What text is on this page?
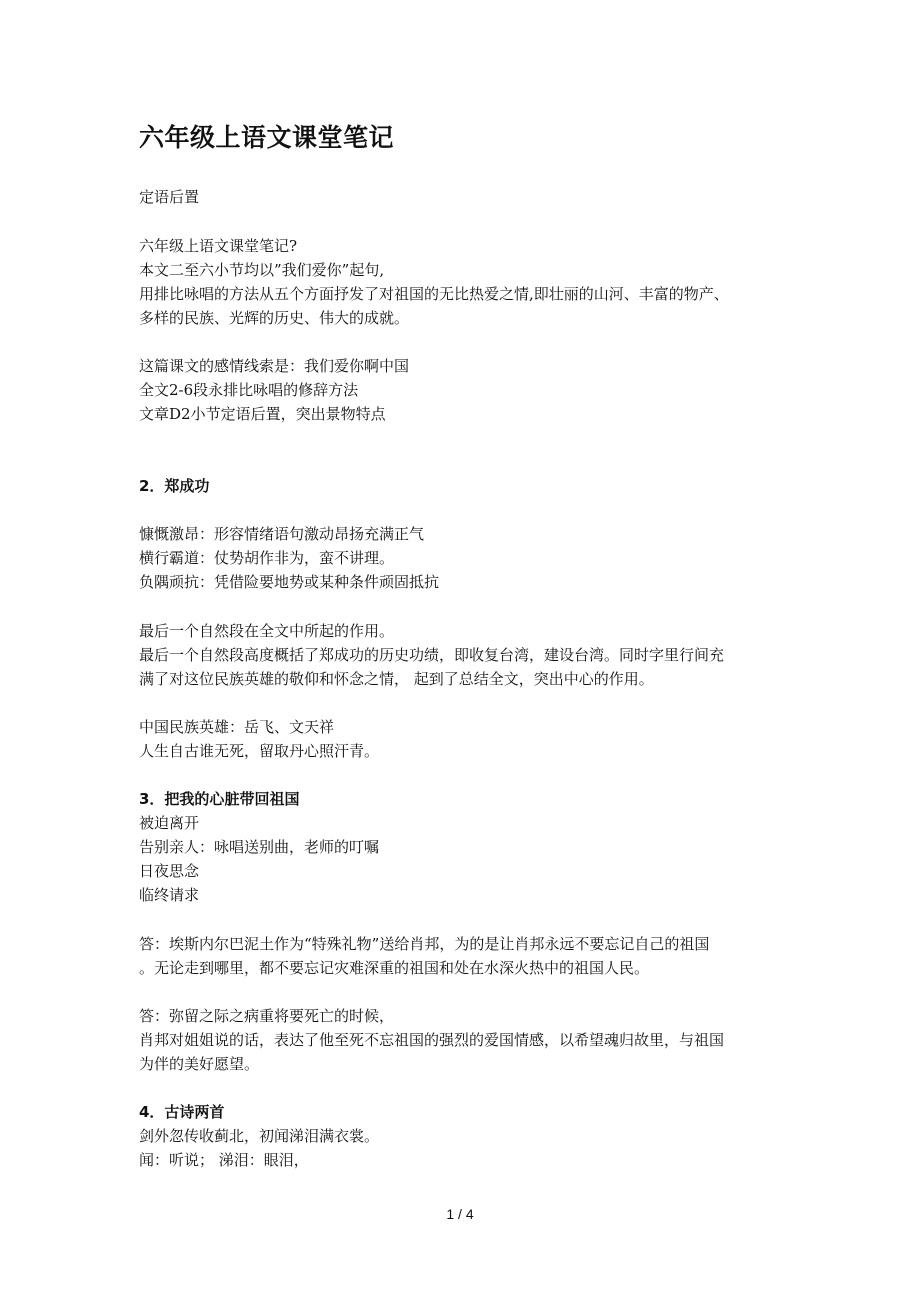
六年级上语文课堂笔记
定语后置
六年级上语文课堂笔记?
本文二至六小节均以”我们爱你”起句,
用排比咏唱的方法从五个方面抒发了对祖国的无比热爱之情,即壮丽的山河、丰富的物产、
多样的民族、光辉的历史、伟大的成就。
这篇课文的感情线索是：我们爱你啊中国
全文2-6段永排比咏唱的修辞方法
文章D2小节定语后置，突出景物特点
2．郑成功
慷慨激昂：形容情绪语句激动昂扬充满正气
横行霸道：仗势胡作非为，蛮不讲理。
负隅顽抗：凭借险要地势或某种条件顽固抵抗
最后一个自然段在全文中所起的作用。
最后一个自然段高度概括了郑成功的历史功绩，即收复台湾，建设台湾。同时字里行间充
满了对这位民族英雄的敬仰和怀念之情， 起到了总结全文，突出中心的作用。
中国民族英雄：岳飞、文天祥
人生自古谁无死，留取丹心照汗青。
3．把我的心脏带回祖国
被迫离开
告别亲人：咏唱送别曲，老师的叮嘱
日夜思念
临终请求
答：埃斯内尔巴泥土作为“特殊礼物”送给肖邦，为的是让肖邦永远不要忘记自己的祖国
。无论走到哪里，都不要忘记灾难深重的祖国和处在水深火热中的祖国人民。
答：弥留之际之病重将要死亡的时候，
肖邦对姐姐说的话，表达了他至死不忘祖国的强烈的爱国情感，以希望魂归故里，与祖国
为伴的美好愿望。
4．古诗两首
剑外忽传收蓟北，初闻涕泪满衣裳。
闻：听说； 涕泪：眼泪，
1 / 4
